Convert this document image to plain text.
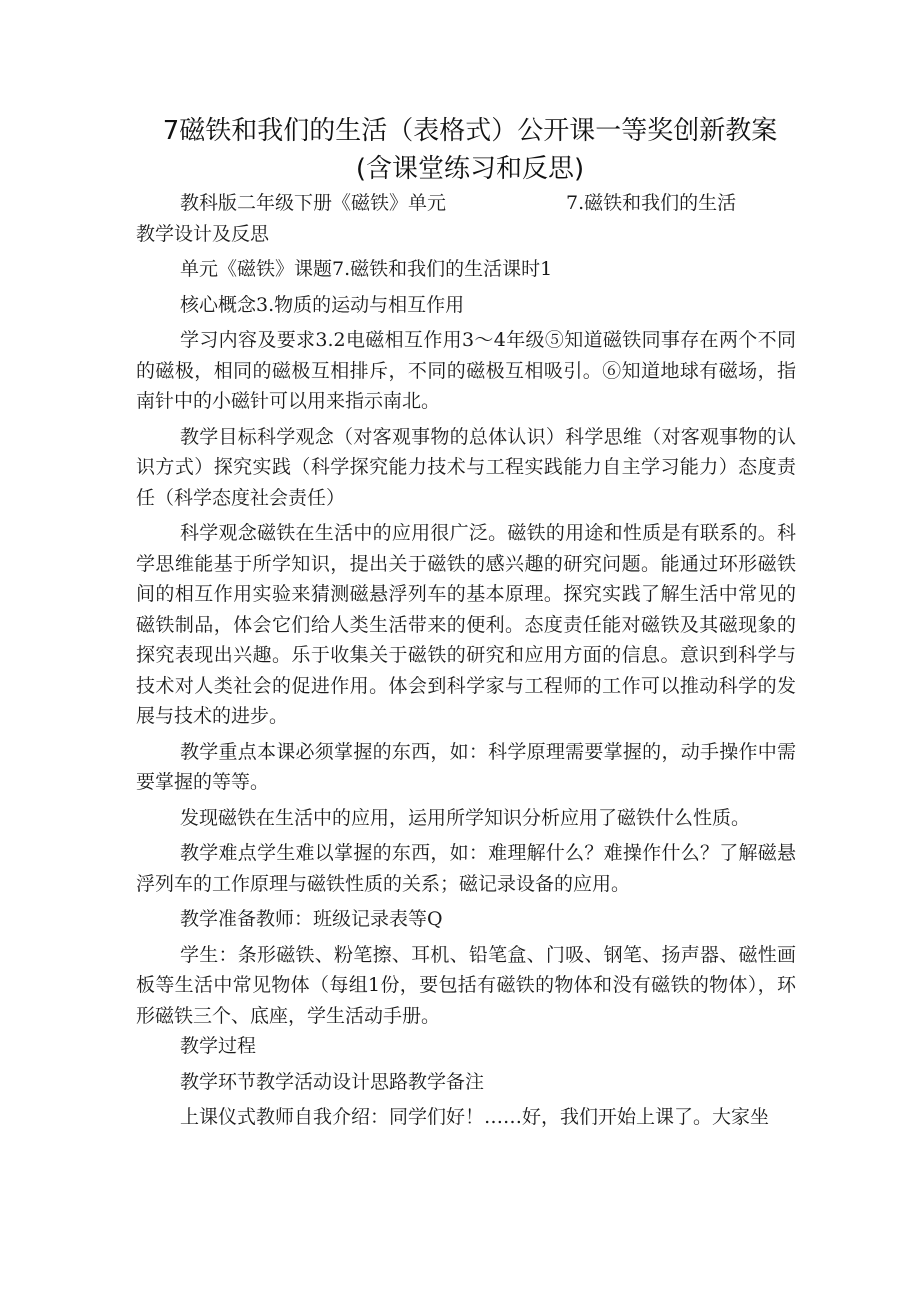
7磁铁和我们的生活（表格式）公开课一等奖创新教案
(含课堂练习和反思)
教科版二年级下册《磁铁》单元	7.磁铁和我们的生活

教学设计及反思

单元《磁铁》课题7.磁铁和我们的生活课时1

核心概念3.物质的运动与相互作用

学习内容及要求3.2电磁相互作用3～4年级⑤知道磁铁同事存在两个不同的磁极，相同的磁极互相排斥，不同的磁极互相吸引。⑥知道地球有磁场，指南针中的小磁针可以用来指示南北。

教学目标科学观念（对客观事物的总体认识）科学思维（对客观事物的认识方式）探究实践（科学探究能力技术与工程实践能力自主学习能力）态度责任（科学态度社会责任）

科学观念磁铁在生活中的应用很广泛。磁铁的用途和性质是有联系的。科学思维能基于所学知识，提出关于磁铁的感兴趣的研究问题。能通过环形磁铁间的相互作用实验来猜测磁悬浮列车的基本原理。探究实践了解生活中常见的磁铁制品，体会它们给人类生活带来的便利。态度责任能对磁铁及其磁现象的探究表现出兴趣。乐于收集关于磁铁的研究和应用方面的信息。意识到科学与技术对人类社会的促进作用。体会到科学家与工程师的工作可以推动科学的发展与技术的进步。

教学重点本课必须掌握的东西，如：科学原理需要掌握的，动手操作中需要掌握的等等。

发现磁铁在生活中的应用，运用所学知识分析应用了磁铁什么性质。

教学难点学生难以掌握的东西，如：难理解什么？难操作什么？了解磁悬浮列车的工作原理与磁铁性质的关系；磁记录设备的应用。

教学准备教师：班级记录表等Q

学生：条形磁铁、粉笔擦、耳机、铅笔盒、门吸、钢笔、扬声器、磁性画板等生活中常见物体（每组1份，要包括有磁铁的物体和没有磁铁的物体），环形磁铁三个、底座，学生活动手册。

教学过程

教学环节教学活动设计思路教学备注

上课仪式教师自我介绍：同学们好！……好，我们开始上课了。大家坐
